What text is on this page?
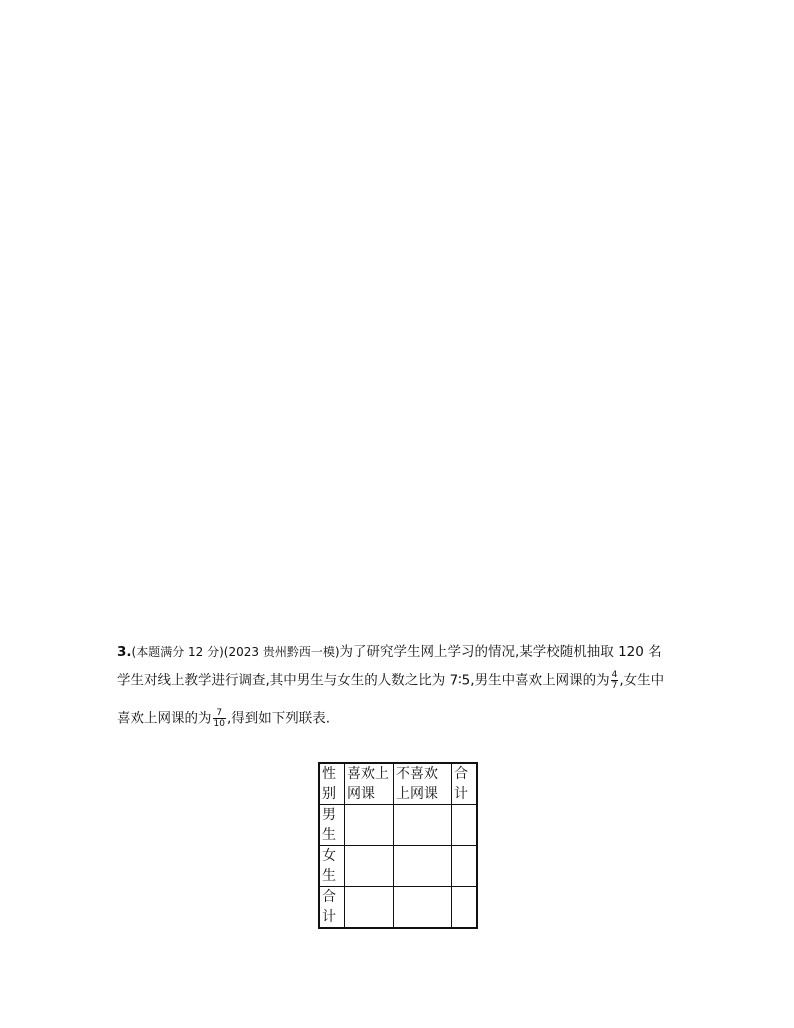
3.(本题满分 12 分)(2023 贵州黔西一模)为了研究学生网上学习的情况,某学校随机抽取 120 名
学生对线上教学进行调查,其中男生与女生的人数之比为 7∶5,男生中喜欢上网课的为 $\frac{4}{7}$ ,女生中
喜欢上网课的为 $\frac{7}{10}$ ,得到如下列联表.
性别	喜欢上网课	不喜欢上网课	合计
男生			
女生			
合计			
